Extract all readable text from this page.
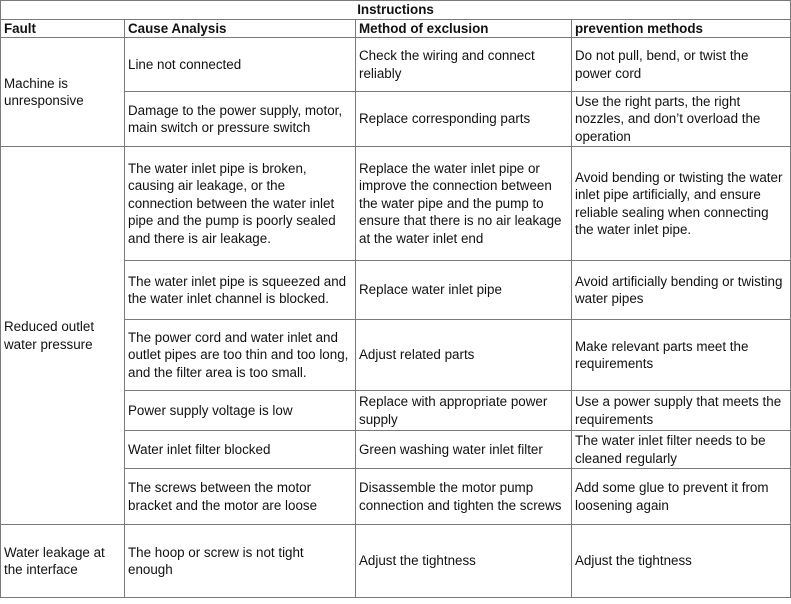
Instructions			
Fault	Cause Analysis	Method of exclusion	prevention methods
Machine is unresponsive	Line not connected	Check the wiring and connect reliably	Do not pull, bend, or twist the power cord
	Damage to the power supply, motor, main switch or pressure switch	Replace corresponding parts	Use the right parts, the right nozzles, and don’t overload the operation
Reduced outlet water pressure	The water inlet pipe is broken, causing air leakage, or the connection between the water inlet pipe and the pump is poorly sealed and there is air leakage.	Replace the water inlet pipe or improve the connection between the water pipe and the pump to ensure that there is no air leakage at the water inlet end	Avoid bending or twisting the water inlet pipe artificially, and ensure reliable sealing when connecting the water inlet pipe.
	The water inlet pipe is squeezed and the water inlet channel is blocked.	Replace water inlet pipe	Avoid artificially bending or twisting water pipes
	The power cord and water inlet and outlet pipes are too thin and too long, and the filter area is too small.	Adjust related parts	Make relevant parts meet the requirements
	Power supply voltage is low	Replace with appropriate power supply	Use a power supply that meets the requirements
	Water inlet filter blocked	Green washing water inlet filter	The water inlet filter needs to be cleaned regularly
	The screws between the motor bracket and the motor are loose	Disassemble the motor pump connection and tighten the screws	Add some glue to prevent it from loosening again
Water leakage at the interface	The hoop or screw is not tight enough	Adjust the tightness	Adjust the tightness
